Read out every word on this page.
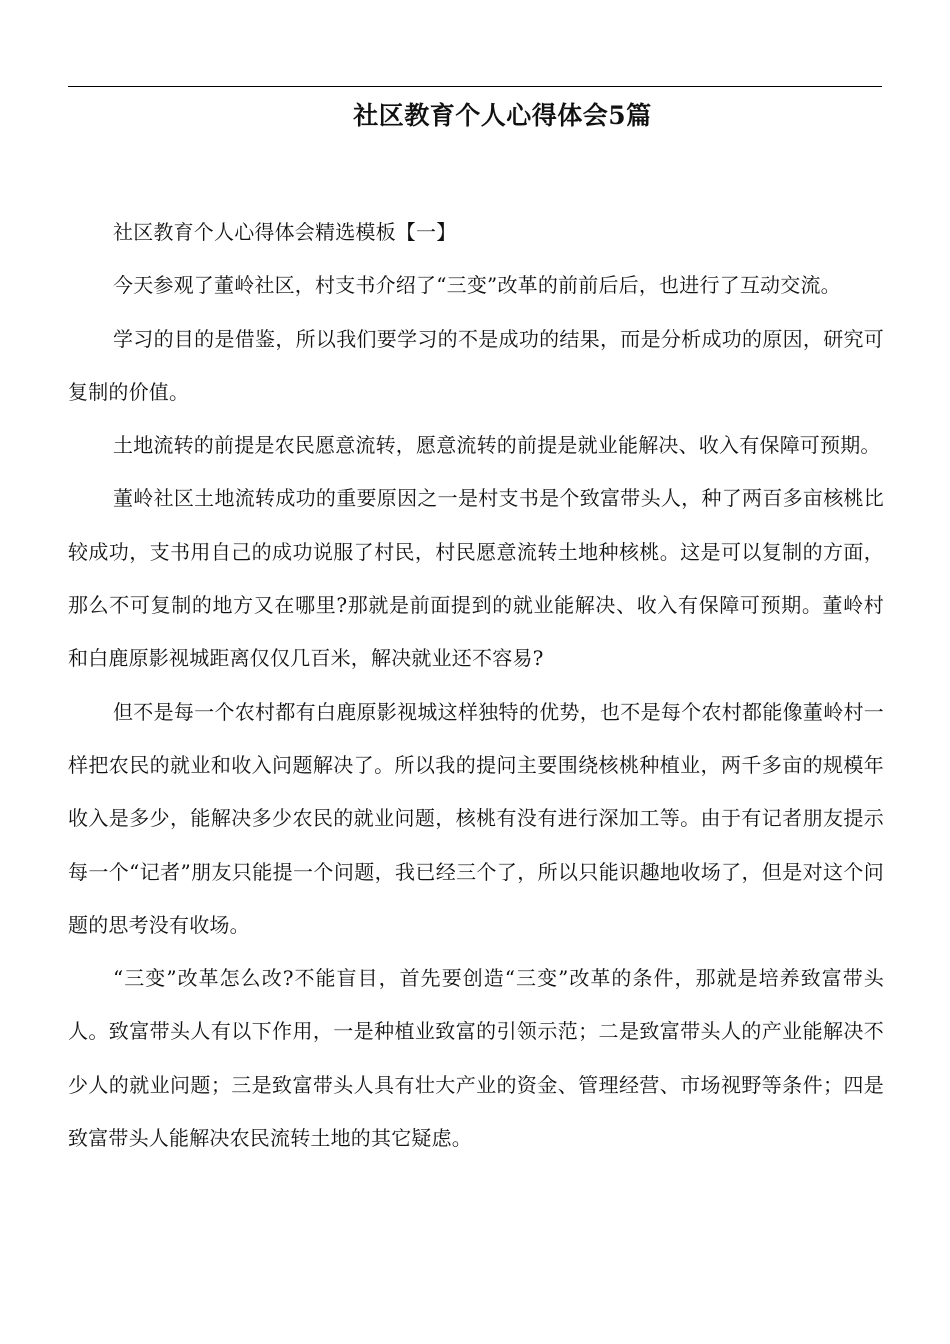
社区教育个人心得体会5篇

社区教育个人心得体会精选模板【一】

今天参观了董岭社区，村支书介绍了“三变”改革的前前后后，也进行了互动交流。

学习的目的是借鉴，所以我们要学习的不是成功的结果，而是分析成功的原因，研究可复制的价值。

土地流转的前提是农民愿意流转，愿意流转的前提是就业能解决、收入有保障可预期。

董岭社区土地流转成功的重要原因之一是村支书是个致富带头人，种了两百多亩核桃比较成功，支书用自己的成功说服了村民，村民愿意流转土地种核桃。这是可以复制的方面，那么不可复制的地方又在哪里?那就是前面提到的就业能解决、收入有保障可预期。董岭村和白鹿原影视城距离仅仅几百米，解决就业还不容易?

但不是每一个农村都有白鹿原影视城这样独特的优势，也不是每个农村都能像董岭村一样把农民的就业和收入问题解决了。所以我的提问主要围绕核桃种植业，两千多亩的规模年收入是多少，能解决多少农民的就业问题，核桃有没有进行深加工等。由于有记者朋友提示每一个“记者”朋友只能提一个问题，我已经三个了，所以只能识趣地收场了，但是对这个问题的思考没有收场。

“三变”改革怎么改?不能盲目，首先要创造“三变”改革的条件，那就是培养致富带头人。致富带头人有以下作用，一是种植业致富的引领示范；二是致富带头人的产业能解决不少人的就业问题；三是致富带头人具有壮大产业的资金、管理经营、市场视野等条件；四是致富带头人能解决农民流转土地的其它疑虑。
